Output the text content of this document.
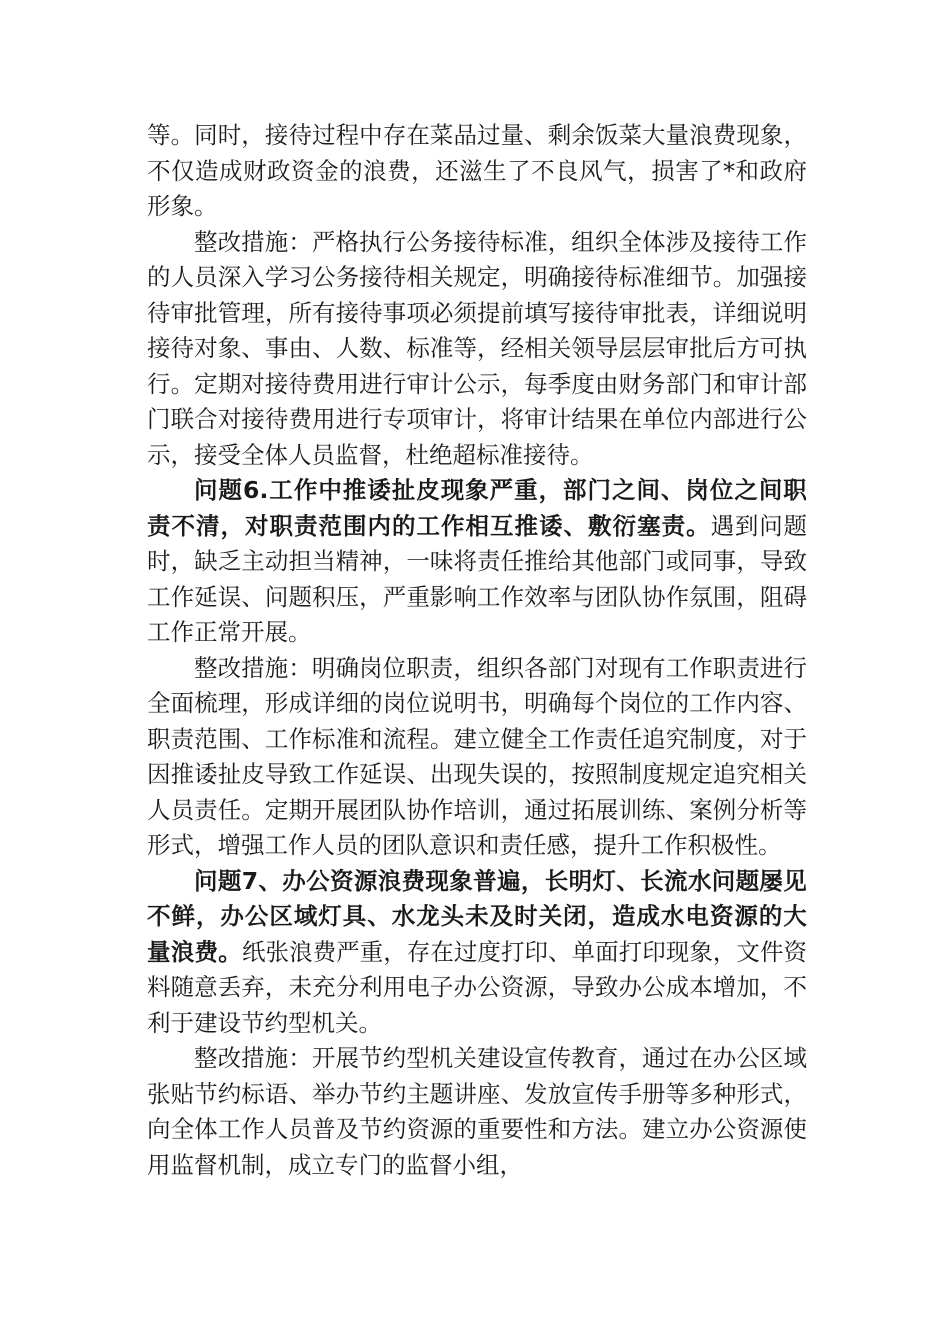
等。同时，接待过程中存在菜品过量、剩余饭菜大量浪费现象，不仅造成财政资金的浪费，还滋生了不良风气，损害了*和政府形象。

整改措施：严格执行公务接待标准，组织全体涉及接待工作的人员深入学习公务接待相关规定，明确接待标准细节。加强接待审批管理，所有接待事项必须提前填写接待审批表，详细说明接待对象、事由、人数、标准等，经相关领导层层审批后方可执行。定期对接待费用进行审计公示，每季度由财务部门和审计部门联合对接待费用进行专项审计，将审计结果在单位内部进行公示，接受全体人员监督，杜绝超标准接待。

问题6.工作中推诿扯皮现象严重，部门之间、岗位之间职责不清，对职责范围内的工作相互推诿、敷衍塞责。遇到问题时，缺乏主动担当精神，一味将责任推给其他部门或同事，导致工作延误、问题积压，严重影响工作效率与团队协作氛围，阻碍工作正常开展。

整改措施：明确岗位职责，组织各部门对现有工作职责进行全面梳理，形成详细的岗位说明书，明确每个岗位的工作内容、职责范围、工作标准和流程。建立健全工作责任追究制度，对于因推诿扯皮导致工作延误、出现失误的，按照制度规定追究相关人员责任。定期开展团队协作培训，通过拓展训练、案例分析等形式，增强工作人员的团队意识和责任感，提升工作积极性。

问题7、办公资源浪费现象普遍，长明灯、长流水问题屡见不鲜，办公区域灯具、水龙头未及时关闭，造成水电资源的大量浪费。纸张浪费严重，存在过度打印、单面打印现象，文件资料随意丢弃，未充分利用电子办公资源，导致办公成本增加，不利于建设节约型机关。

整改措施：开展节约型机关建设宣传教育，通过在办公区域张贴节约标语、举办节约主题讲座、发放宣传手册等多种形式，向全体工作人员普及节约资源的重要性和方法。建立办公资源使用监督机制，成立专门的监督小组，
